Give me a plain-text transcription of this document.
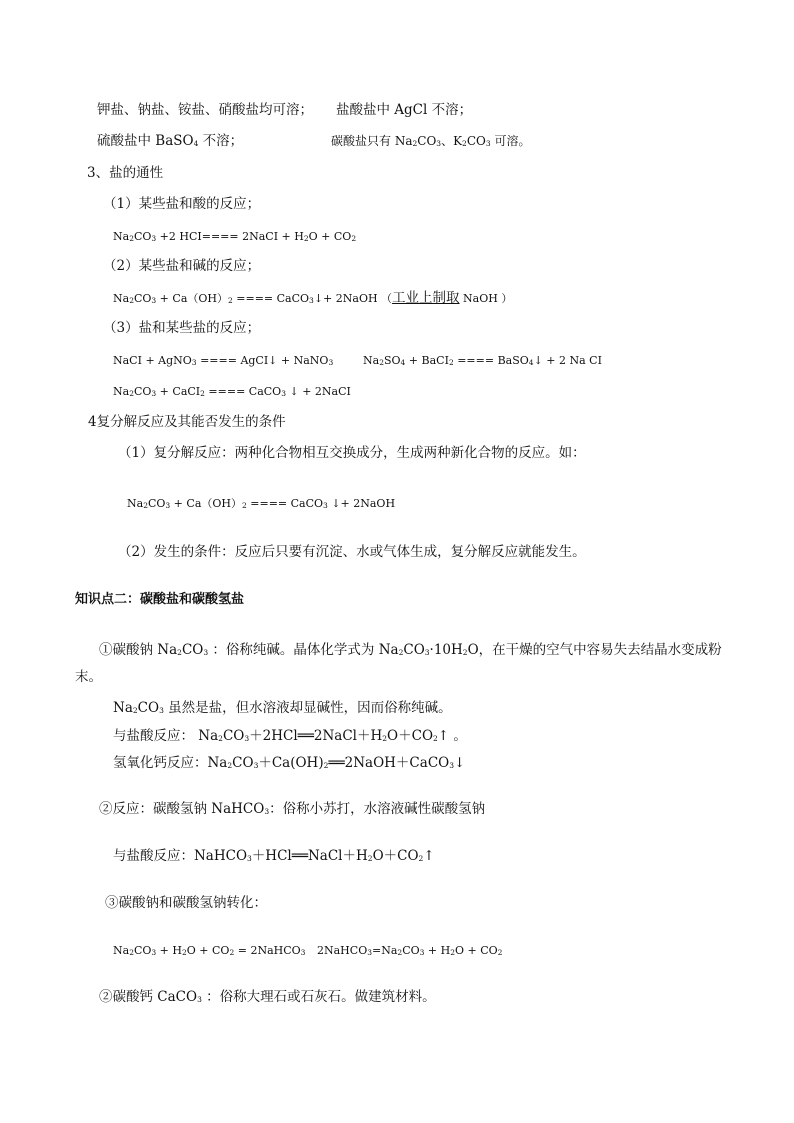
钾盐、钠盐、铵盐、硝酸盐均可溶； 盐酸盐中 AgCl 不溶；
硫酸盐中 BaSO$_4$ 不溶；	碳酸盐只有 $Na_2CO_3$、$K_2CO_3$ 可溶。
3、盐的通性
（1）某些盐和酸的反应；
$Na_2CO_3 +2$ HCI==== 2NaCI + $H_2O + CO_2$
（2）某些盐和碱的反应；
$Na_2CO_3 + Ca(OH)_2$ ==== CaCO$_3$↓+ 2NaOH （工业上制取 NaOH ）
（3）盐和某些盐的反应；
NaCI + AgNO$_3$ ==== AgCI↓ + NaNO$_3$	$Na_2SO_4$ + BaCI$_2$ ==== BaSO$_4$↓ + 2 Na CI
$Na_2CO_3$ + CaCI$_2$ ==== CaCO$_3$ ↓ + 2NaCI
4复分解反应及其能否发生的条件
（1）复分解反应：两种化合物相互交换成分，生成两种新化合物的反应。如：
$Na_2CO_3 + Ca(OH)_2$ ==== CaCO$_3$ ↓+ 2NaOH
（2）发生的条件：反应后只要有沉淀、水或气体生成，复分解反应就能发生。
知识点二：碳酸盐和碳酸氢盐
①碳酸钠 $Na_2CO_3$ ：俗称纯碱。晶体化学式为 $Na_2CO_3\cdot 10H_2O$，在干燥的空气中容易失去结晶水变成粉
末。
$Na_2CO_3$ 虽然是盐，但水溶液却显碱性，因而俗称纯碱。
与盐酸反应： $Na_2CO_3+2HCl══2NaCl+H_2O+CO_2↑$ 。
氢氧化钙反应：$Na_2CO_3+Ca(OH)_2══2NaOH+CaCO_3↓$
②反应：碳酸氢钠 NaHCO$_3$：俗称小苏打，水溶液碱性碳酸氢钠
与盐酸反应：$NaHCO_3+HCl══NaCl+H_2O+CO_2↑$
③碳酸钠和碳酸氢钠转化：
$Na_2CO_3 + H_2O + CO_2$ = 2NaHCO$_3$ $2NaHCO_3=Na_2CO_3 + H_2O + CO_2$
②碳酸钙 CaCO$_3$ ：俗称大理石或石灰石。做建筑材料。
